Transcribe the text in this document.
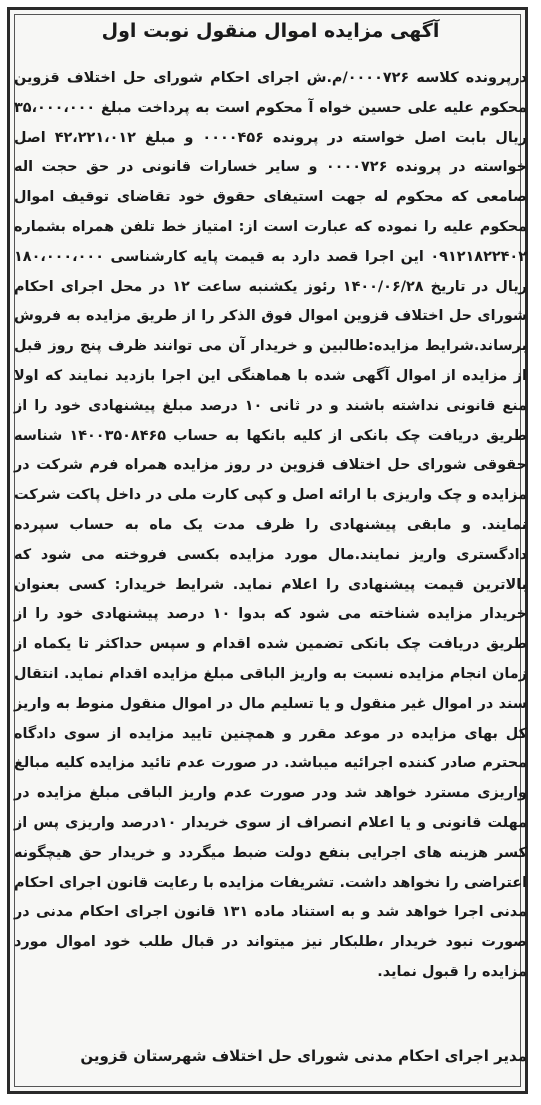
آگهی مزایده اموال منقول نوبت اول
درپرونده کلاسه ۰۰۰۰۷۲۶/م.ش اجرای احکام شورای حل اختلاف قزوین محکوم علیه علی حسین خواه آ محکوم است به پرداخت مبلغ ۳۵،۰۰۰،۰۰۰ ریال بابت اصل خواسته در پرونده ۰۰۰۰۴۵۶ و مبلغ ۴۲،۲۲۱،۰۱۲ اصل خواسته در پرونده ۰۰۰۰۷۲۶ و سایر خسارات قانونی در حق حجت اله صامعی که محکوم له جهت استیفای حقوق خود تقاضای توقیف اموال محکوم علیه را نموده که عبارت است از: امتیاز خط تلفن همراه بشماره ۰۹۱۲۱۸۲۲۴۰۲ این اجرا قصد دارد به قیمت پایه کارشناسی ۱۸۰،۰۰۰،۰۰۰ ریال در تاریخ ۱۴۰۰/۰۶/۲۸ رئوز یکشنبه ساعت ۱۲ در محل اجرای احکام شورای حل اختلاف قزوین اموال فوق الذکر را از طریق مزایده به فروش برساند.شرایط مزایده:طالبین و خریدار آن می توانند ظرف پنج روز قبل از مزایده از اموال آگهی شده با هماهنگی این اجرا بازدید نمایند که اولا منع قانونی نداشته باشند و در ثانی ۱۰ درصد مبلغ پیشنهادی خود را از طریق دریافت چک بانکی از کلیه بانکها به حساب ۱۴۰۰۳۵۰۸۴۶۵ شناسه حقوقی شورای حل اختلاف قزوین در روز مزایده همراه فرم شرکت در مزایده و چک واریزی با ارائه اصل و کپی کارت ملی در داخل پاکت شرکت نمایند. و مابقی پیشنهادی را ظرف مدت یک ماه به حساب سپرده دادگستری واریز نمایند.مال مورد مزایده بکسی فروخته می شود که بالاترین قیمت پیشنهادی را اعلام نماید. شرایط خریدار: کسی بعنوان خریدار مزایده شناخته می شود که بدوا ۱۰ درصد پیشنهادی خود را از طریق دریافت چک بانکی تضمین شده اقدام و سپس حداکثر تا یکماه از زمان انجام مزایده نسبت به واریز الباقی مبلغ مزایده اقدام نماید. انتقال سند در اموال غیر منقول و یا تسلیم مال در اموال منقول منوط به واریز کل بهای مزایده در موعد مقرر و همچنین تایید مزایده از سوی دادگاه محترم صادر کننده اجرائیه میباشد. در صورت عدم تائید مزایده کلیه مبالغ واریزی مسترد خواهد شد ودر صورت عدم واریز الباقی مبلغ مزایده در مهلت قانونی و یا اعلام انصراف از سوی خریدار ۱۰درصد واریزی پس از کسر هزینه های اجرایی بنفع دولت ضبط میگردد و خریدار حق هیچگونه اعتراضی را نخواهد داشت. تشریفات مزایده با رعایت قانون اجرای احکام مدنی اجرا خواهد شد و به استناد ماده ۱۳۱ قانون اجرای احکام مدنی در صورت نبود خریدار ،طلبکار نیز میتواند در قبال طلب خود اموال مورد مزایده را قبول نماید.
مدیر اجرای احکام مدنی شورای حل اختلاف شهرستان قزوین
